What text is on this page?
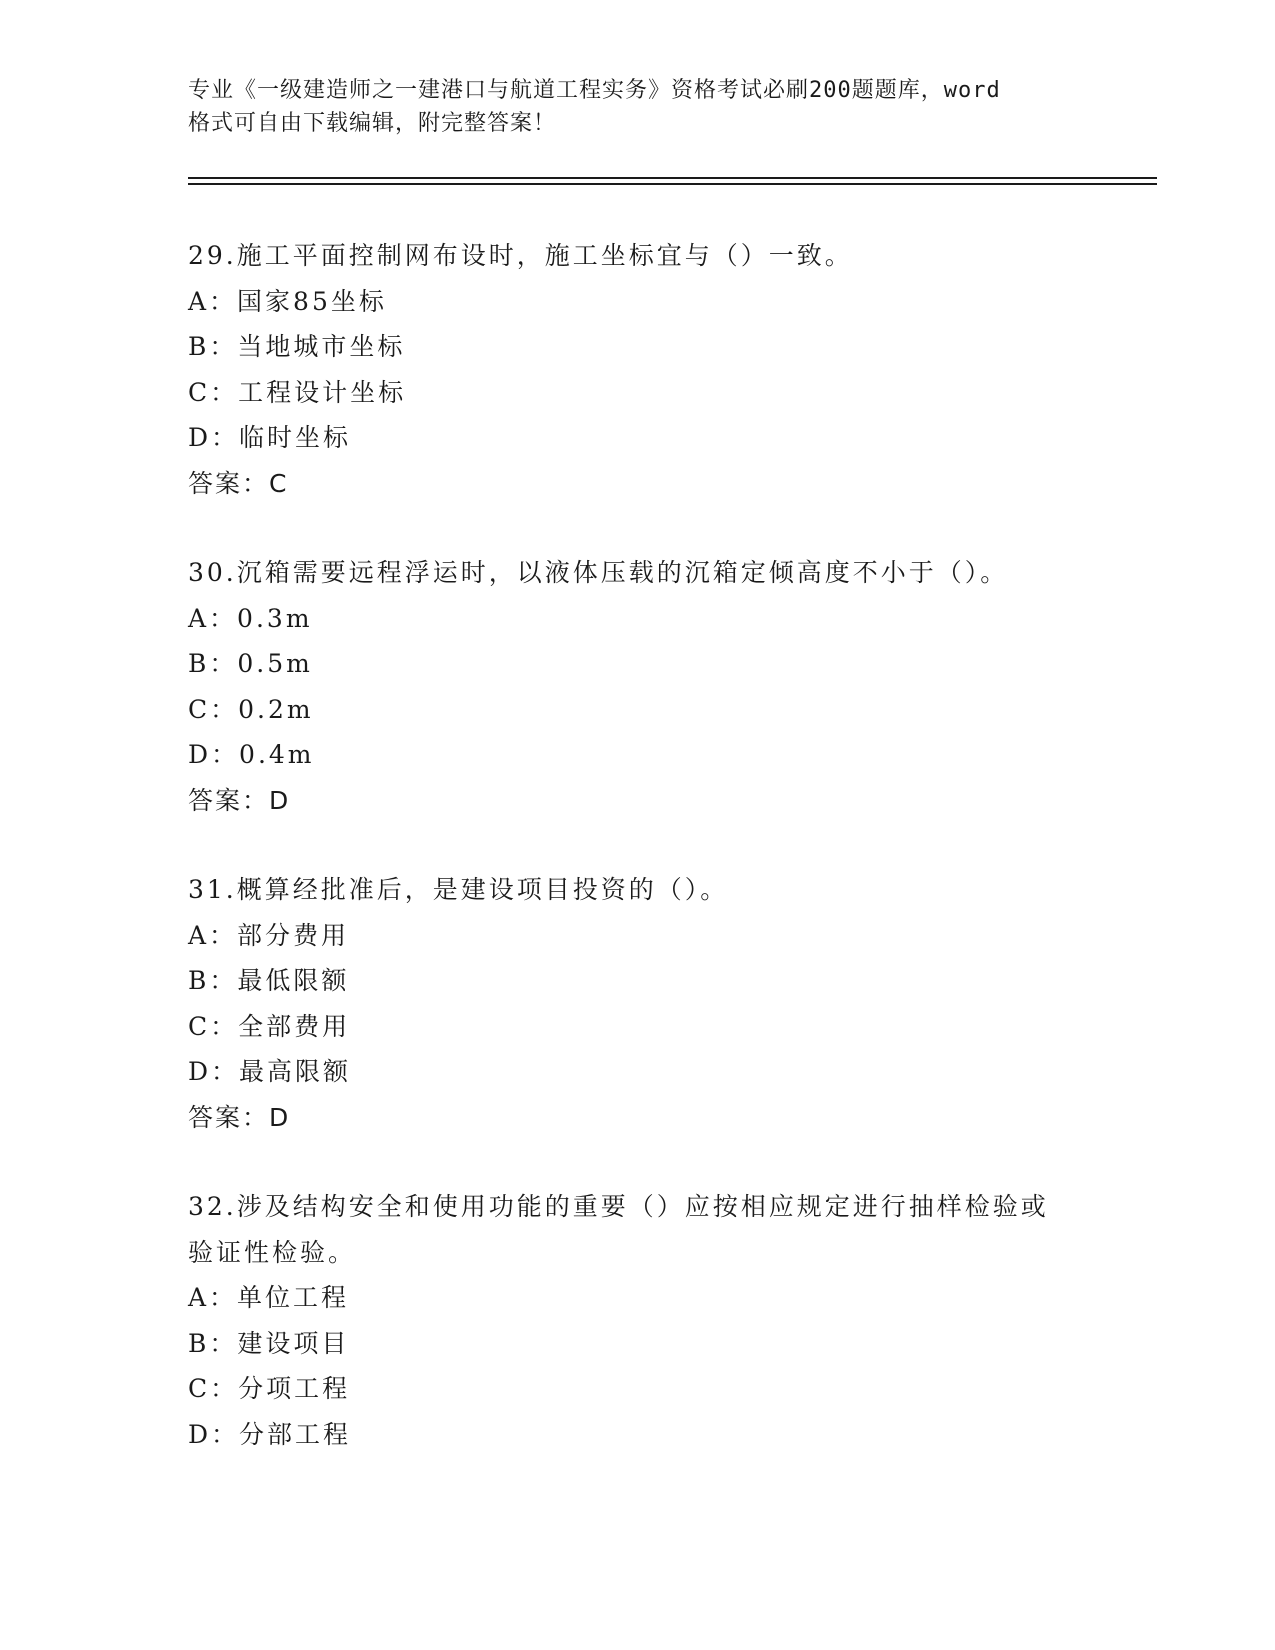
专业《一级建造师之一建港口与航道工程实务》资格考试必刷200题题库，word
格式可自由下载编辑，附完整答案！
29.施工平面控制网布设时，施工坐标宜与（）一致。
A：国家85坐标
B：当地城市坐标
C：工程设计坐标
D：临时坐标
答案：C
30.沉箱需要远程浮运时，以液体压载的沉箱定倾高度不小于（）。
A：0.3m
B：0.5m
C：0.2m
D：0.4m
答案：D
31.概算经批准后，是建设项目投资的（）。
A：部分费用
B：最低限额
C：全部费用
D：最高限额
答案：D
32.涉及结构安全和使用功能的重要（）应按相应规定进行抽样检验或
验证性检验。
A：单位工程
B：建设项目
C：分项工程
D：分部工程
